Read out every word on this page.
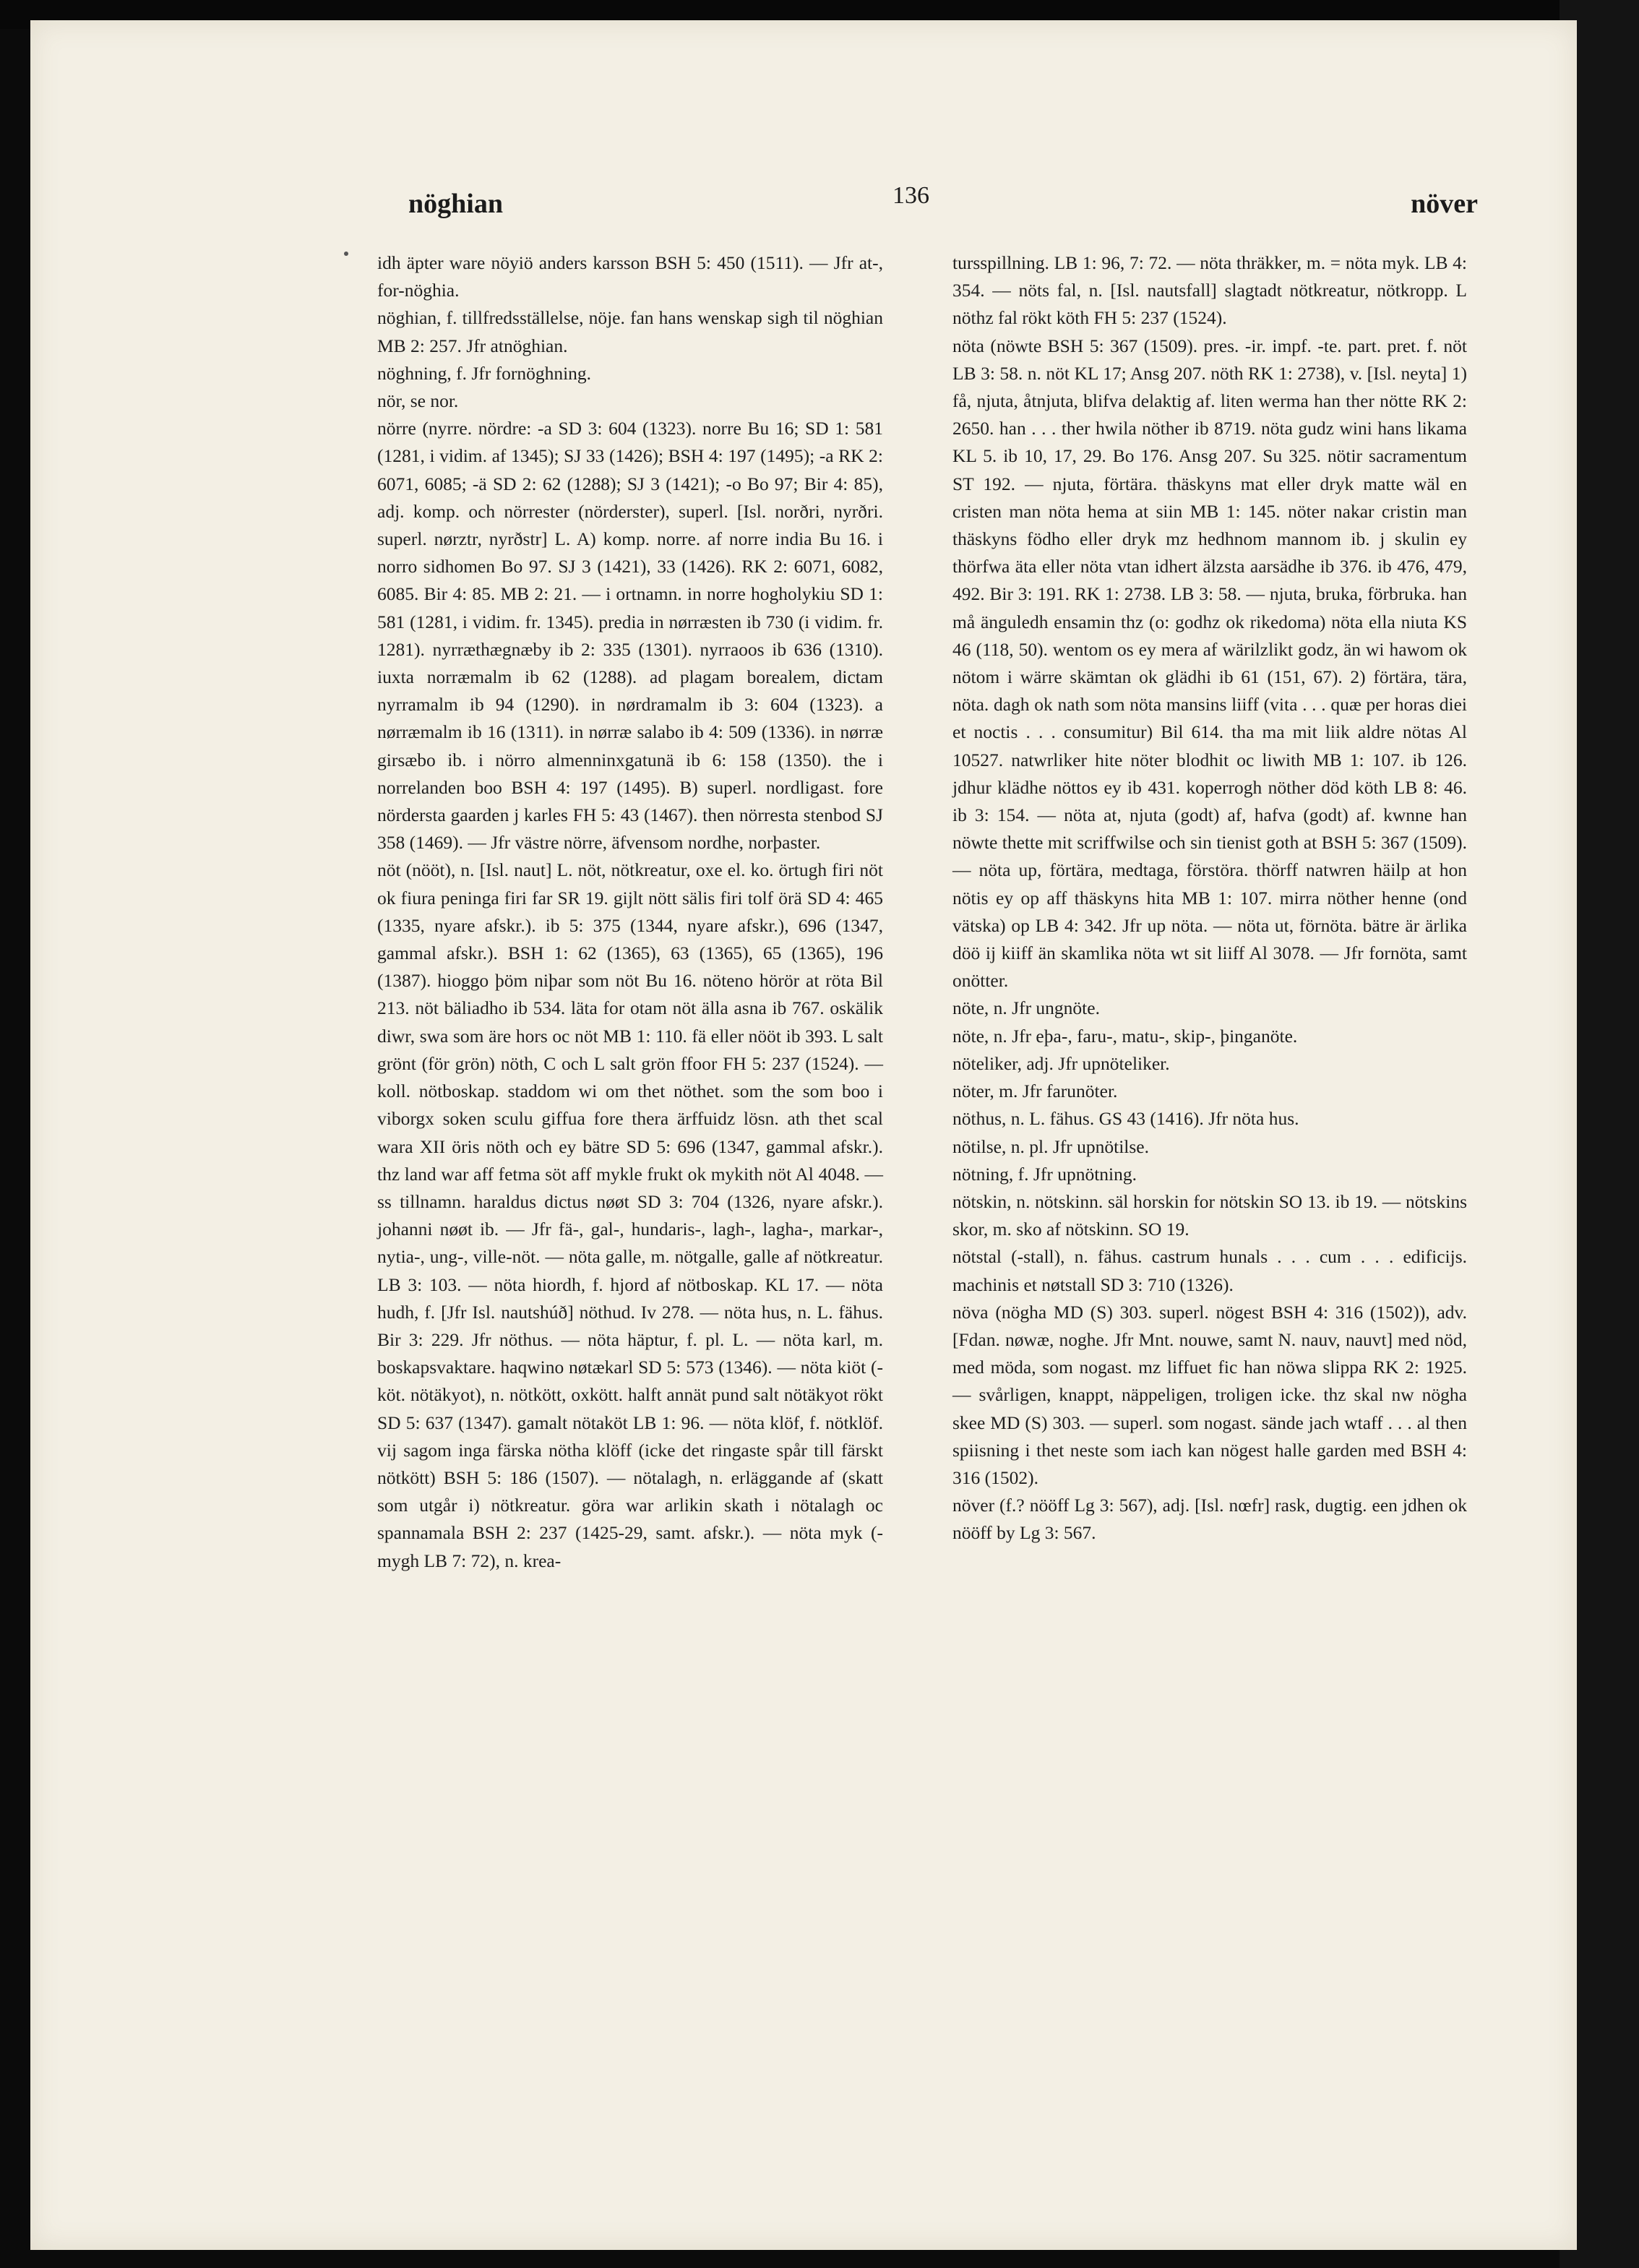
nöghian	136	növer

idh äpter ware nöyiö anders karsson BSH 5: 450 (1511). — Jfr at-, for-nöghia.

nöghian, f. tillfredsställelse, nöje. fan hans wenskap sigh til nöghian MB 2: 257. Jfr atnöghian.

nöghning, f. Jfr fornöghning.

nör, se nor.

nörre (nyrre. nördre: -a SD 3: 604 (1323). norre Bu 16; SD 1: 581 (1281, i vidim. af 1345); SJ 33 (1426); BSH 4: 197 (1495); -a RK 2: 6071, 6085; -ä SD 2: 62 (1288); SJ 3 (1421); -o Bo 97; Bir 4: 85), adj. komp. och nörrester (nörderster), superl. [Isl. norðri, nyrðri. superl. nørztr, nyrðstr] L. A) komp. norre. af norre india Bu 16. i norro sidhomen Bo 97. SJ 3 (1421), 33 (1426). RK 2: 6071, 6082, 6085. Bir 4: 85. MB 2: 21. — i ortnamn. in norre hogholykiu SD 1: 581 (1281, i vidim. fr. 1345). predia in nørræsten ib 730 (i vidim. fr. 1281). nyrræthægnæby ib 2: 335 (1301). nyrraoos ib 636 (1310). iuxta norræmalm ib 62 (1288). ad plagam borealem, dictam nyrramalm ib 94 (1290). in nørdramalm ib 3: 604 (1323). a nørræmalm ib 16 (1311). in nørræ salabo ib 4: 509 (1336). in nørræ girsæbo ib. i nörro almenninxgatunä ib 6: 158 (1350). the i norrelanden boo BSH 4: 197 (1495). B) superl. nordligast. fore nördersta gaarden j karles FH 5: 43 (1467). then nörresta stenbod SJ 358 (1469). — Jfr västre nörre, äfvensom nordhe, norþaster.

nöt (nööt), n. [Isl. naut] L. nöt, nötkreatur, oxe el. ko. örtugh firi nöt ok fiura peninga firi far SR 19. gijlt nött sälis firi tolf örä SD 4: 465 (1335, nyare afskr.). ib 5: 375 (1344, nyare afskr.), 696 (1347, gammal afskr.). BSH 1: 62 (1365), 63 (1365), 65 (1365), 196 (1387). hioggo þöm niþar som nöt Bu 16. nöteno hörör at röta Bil 213. nöt bäliadho ib 534. läta for otam nöt älla asna ib 767. oskälik diwr, swa som äre hors oc nöt MB 1: 110. fä eller nööt ib 393. L salt grönt (för grön) nöth, C och L salt grön ffoor FH 5: 237 (1524). — koll. nötboskap. staddom wi om thet nöthet. som the som boo i viborgx soken sculu giffua fore thera ärffuidz lösn. ath thet scal wara XII öris nöth och ey bätre SD 5: 696 (1347, gammal afskr.). thz land war aff fetma söt aff mykle frukt ok mykith nöt Al 4048. — ss tillnamn. haraldus dictus nøøt SD 3: 704 (1326, nyare afskr.). johanni nøøt ib. — Jfr fä-, gal-, hundaris-, lagh-, lagha-, markar-, nytia-, ung-, ville-nöt. — nöta galle, m. nötgalle, galle af nötkreatur. LB 3: 103. — nöta hiordh, f. hjord af nötboskap. KL 17. — nöta hudh, f. [Jfr Isl. nautshúð] nöthud. Iv 278. — nöta hus, n. L. fähus. Bir 3: 229. Jfr nöthus. — nöta häptur, f. pl. L. — nöta karl, m. boskapsvaktare. haqwino nøtækarl SD 5: 573 (1346). — nöta kiöt (-köt. nötäkyot), n. nötkött, oxkött. halft annät pund salt nötäkyot rökt SD 5: 637 (1347). gamalt nötaköt LB 1: 96. — nöta klöf, f. nötklöf. vij sagom inga färska nötha klöff (icke det ringaste spår till färskt nötkött) BSH 5: 186 (1507). — nötalagh, n. erläggande af (skatt som utgår i) nötkreatur. göra war arlikin skath i nötalagh oc spannamala BSH 2: 237 (1425-29, samt. afskr.). — nöta myk (-mygh LB 7: 72), n. krea-

tursspillning. LB 1: 96, 7: 72. — nöta thräkker, m. = nöta myk. LB 4: 354. — nöts fal, n. [Isl. nautsfall] slagtadt nötkreatur, nötkropp. L nöthz fal rökt köth FH 5: 237 (1524).

nöta (nöwte BSH 5: 367 (1509). pres. -ir. impf. -te. part. pret. f. nöt LB 3: 58. n. nöt KL 17; Ansg 207. nöth RK 1: 2738), v. [Isl. neyta] 1) få, njuta, åtnjuta, blifva delaktig af. liten werma han ther nötte RK 2: 2650. han . . . ther hwila nöther ib 8719. nöta gudz wini hans likama KL 5. ib 10, 17, 29. Bo 176. Ansg 207. Su 325. nötir sacramentum ST 192. — njuta, förtära. thäskyns mat eller dryk matte wäl en cristen man nöta hema at siin MB 1: 145. nöter nakar cristin man thäskyns födho eller dryk mz hedhnom mannom ib. j skulin ey thörfwa äta eller nöta vtan idhert älzsta aarsädhe ib 376. ib 476, 479, 492. Bir 3: 191. RK 1: 2738. LB 3: 58. — njuta, bruka, förbruka. han må änguledh ensamin thz (o: godhz ok rikedoma) nöta ella niuta KS 46 (118, 50). wentom os ey mera af wärilzlikt godz, än wi hawom ok nötom i wärre skämtan ok glädhi ib 61 (151, 67). 2) förtära, tära, nöta. dagh ok nath som nöta mansins liiff (vita . . . quæ per horas diei et noctis . . . consumitur) Bil 614. tha ma mit liik aldre nötas Al 10527. natwrliker hite nöter blodhit oc liwith MB 1: 107. ib 126. jdhur klädhe nöttos ey ib 431. koperrogh nöther död köth LB 8: 46. ib 3: 154. — nöta at, njuta (godt) af, hafva (godt) af. kwnne han nöwte thette mit scriffwilse och sin tienist goth at BSH 5: 367 (1509). — nöta up, förtära, medtaga, förstöra. thörff natwren häilp at hon nötis ey op aff thäskyns hita MB 1: 107. mirra nöther henne (ond vätska) op LB 4: 342. Jfr up nöta. — nöta ut, förnöta. bätre är ärlika döö ij kiiff än skamlika nöta wt sit liiff Al 3078. — Jfr fornöta, samt onötter.

nöte, n. Jfr ungnöte.

nöte, n. Jfr eþa-, faru-, matu-, skip-, þinganöte.

nöteliker, adj. Jfr upnöteliker.

nöter, m. Jfr farunöter.

nöthus, n. L. fähus. GS 43 (1416). Jfr nöta hus.

nötilse, n. pl. Jfr upnötilse.

nötning, f. Jfr upnötning.

nötskin, n. nötskinn. säl horskin for nötskin SO 13. ib 19. — nötskins skor, m. sko af nötskinn. SO 19.

nötstal (-stall), n. fähus. castrum hunals . . . cum . . . edificijs. machinis et nøtstall SD 3: 710 (1326).

növa (nögha MD (S) 303. superl. nögest BSH 4: 316 (1502)), adv. [Fdan. nøwæ, noghe. Jfr Mnt. nouwe, samt N. nauv, nauvt] med nöd, med möda, som nogast. mz liffuet fic han nöwa slippa RK 2: 1925. — svårligen, knappt, näppeligen, troligen icke. thz skal nw nögha skee MD (S) 303. — superl. som nogast. sände jach wtaff . . . al then spiisning i thet neste som iach kan nögest halle garden med BSH 4: 316 (1502).

növer (f.? nööff Lg 3: 567), adj. [Isl. nœfr] rask, dugtig. een jdhen ok nööff by Lg 3: 567.
